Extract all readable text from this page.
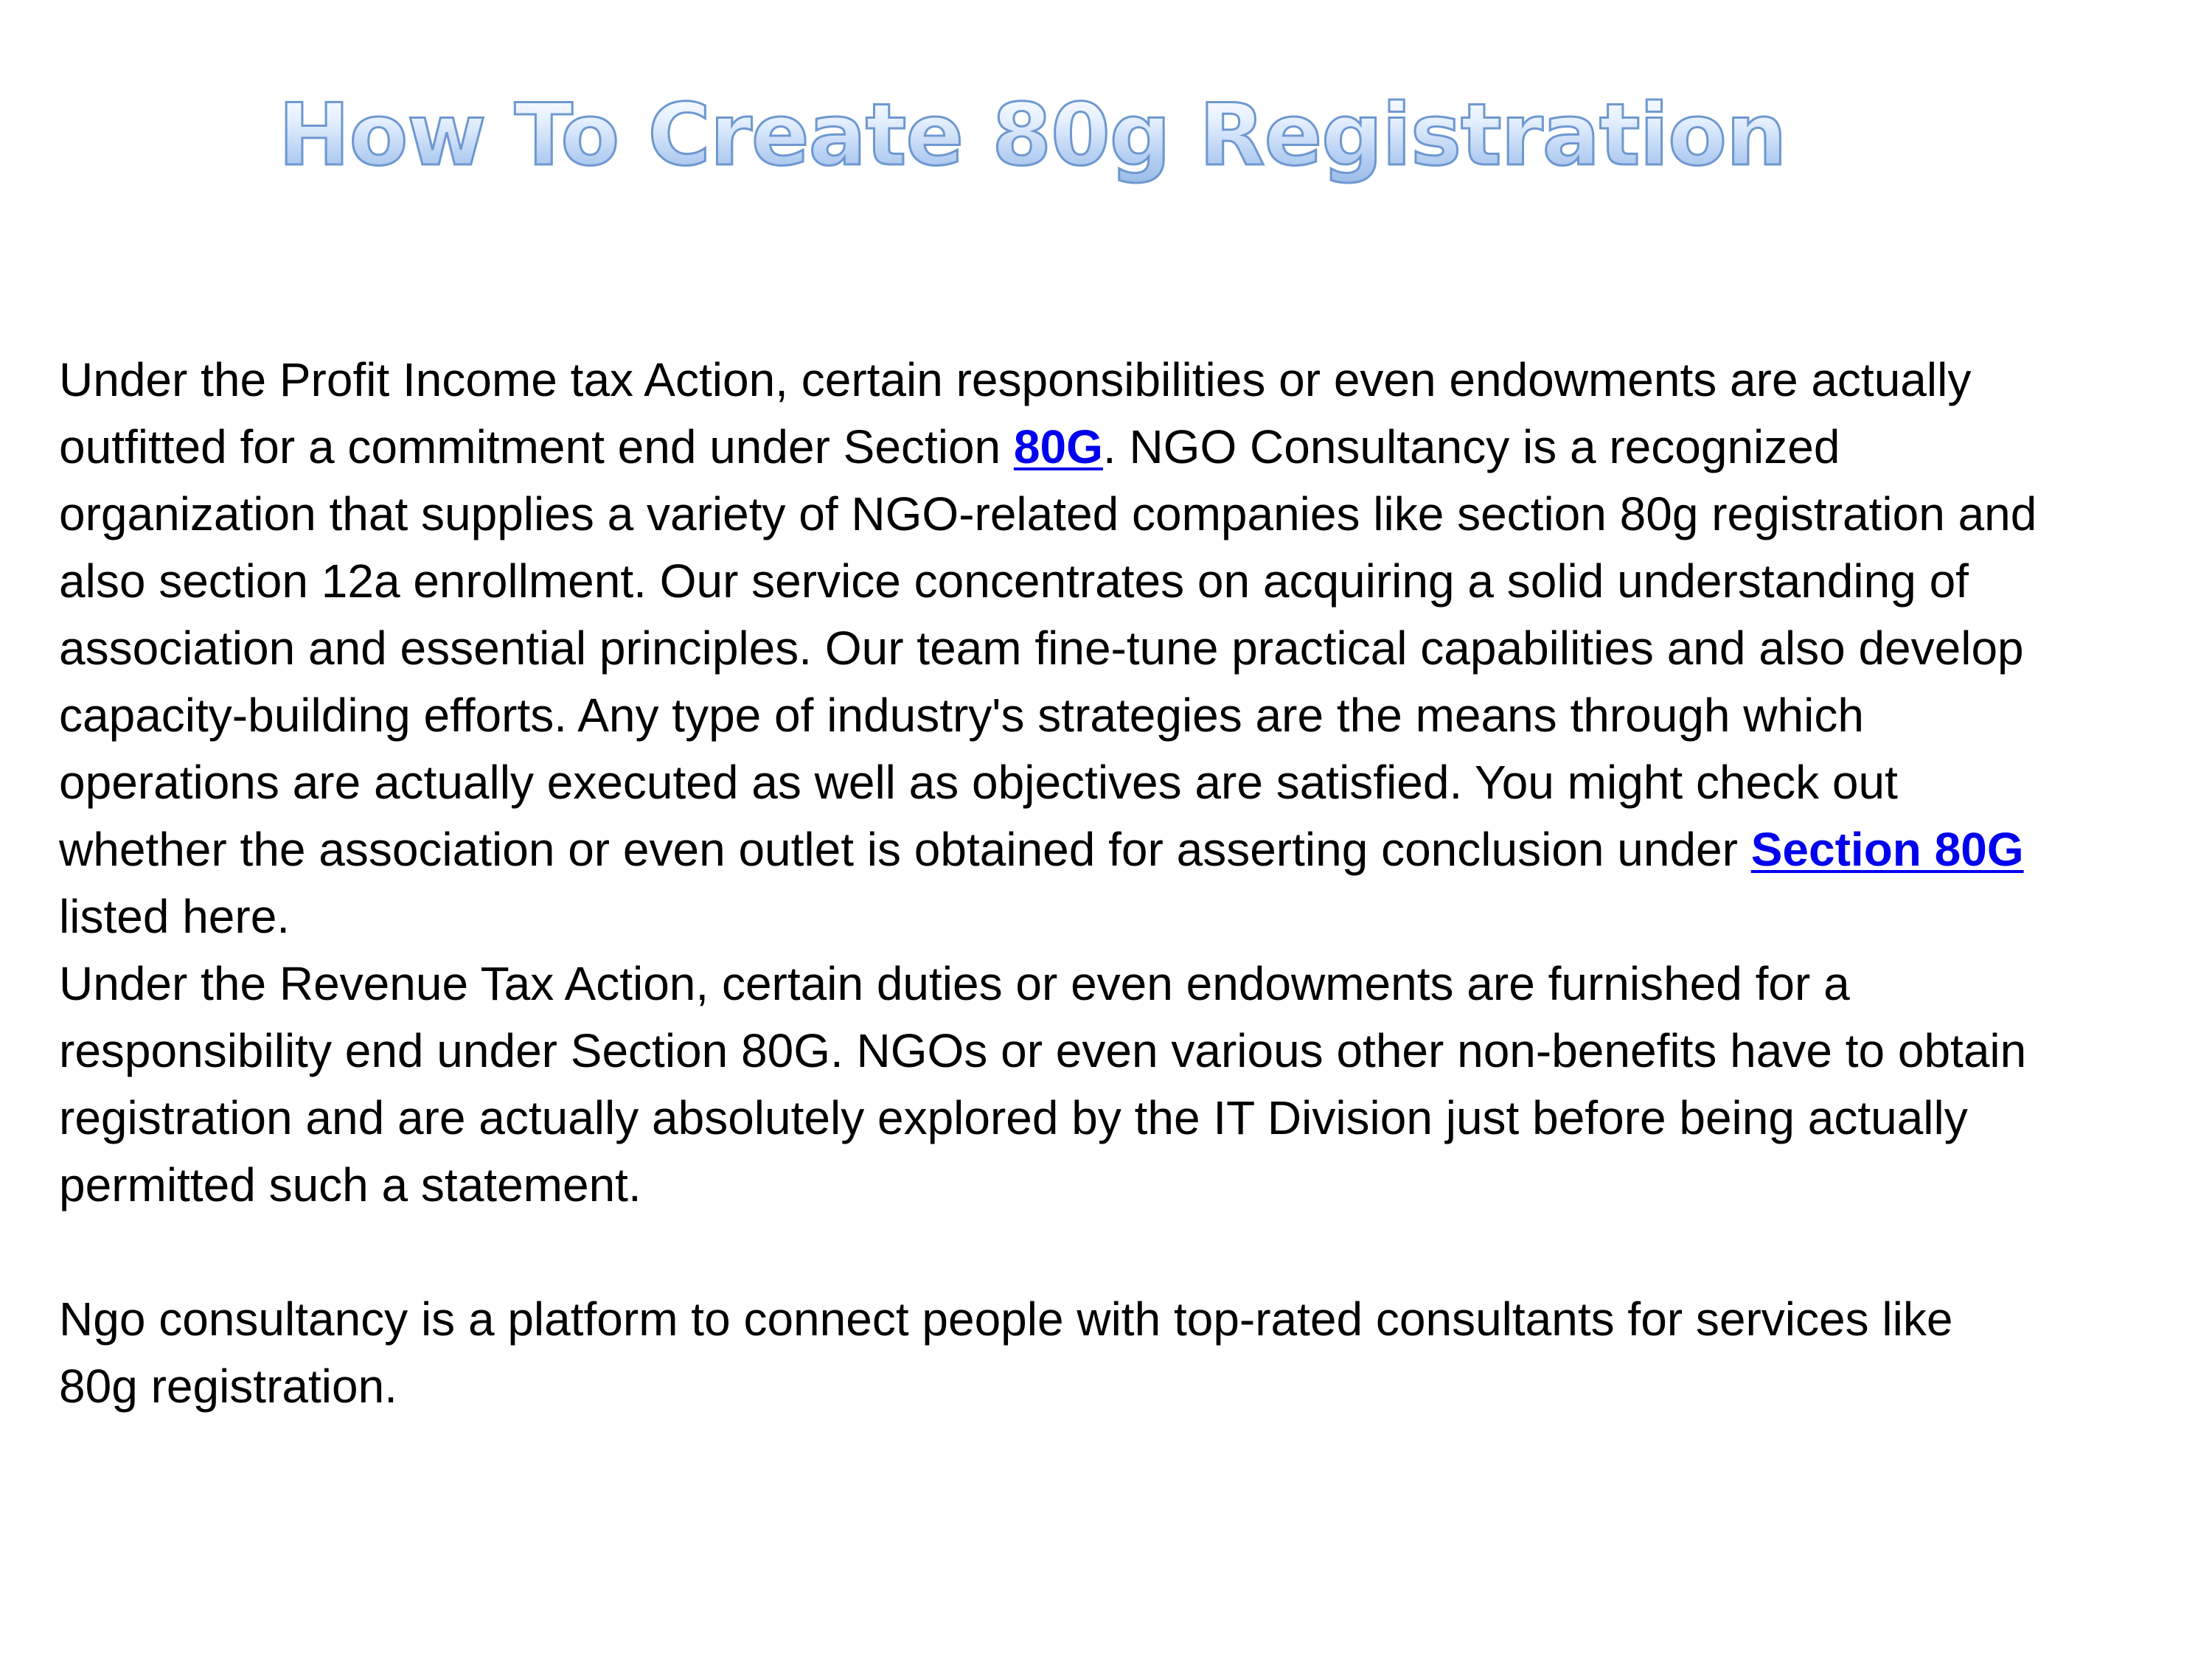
How To Create 80g Registration
Under the Profit Income tax Action, certain responsibilities or even endowments are actually
outfitted for a commitment end under Section 80G. NGO Consultancy is a recognized
organization that supplies a variety of NGO-related companies like section 80g registration and
also section 12a enrollment. Our service concentrates on acquiring a solid understanding of
association and essential principles. Our team fine-tune practical capabilities and also develop
capacity-building efforts. Any type of industry's strategies are the means through which
operations are actually executed as well as objectives are satisfied. You might check out
whether the association or even outlet is obtained for asserting conclusion under Section 80G
listed here.
Under the Revenue Tax Action, certain duties or even endowments are furnished for a
responsibility end under Section 80G. NGOs or even various other non-benefits have to obtain
registration and are actually absolutely explored by the IT Division just before being actually
permitted such a statement.
Ngo consultancy is a platform to connect people with top-rated consultants for services like
80g registration.
